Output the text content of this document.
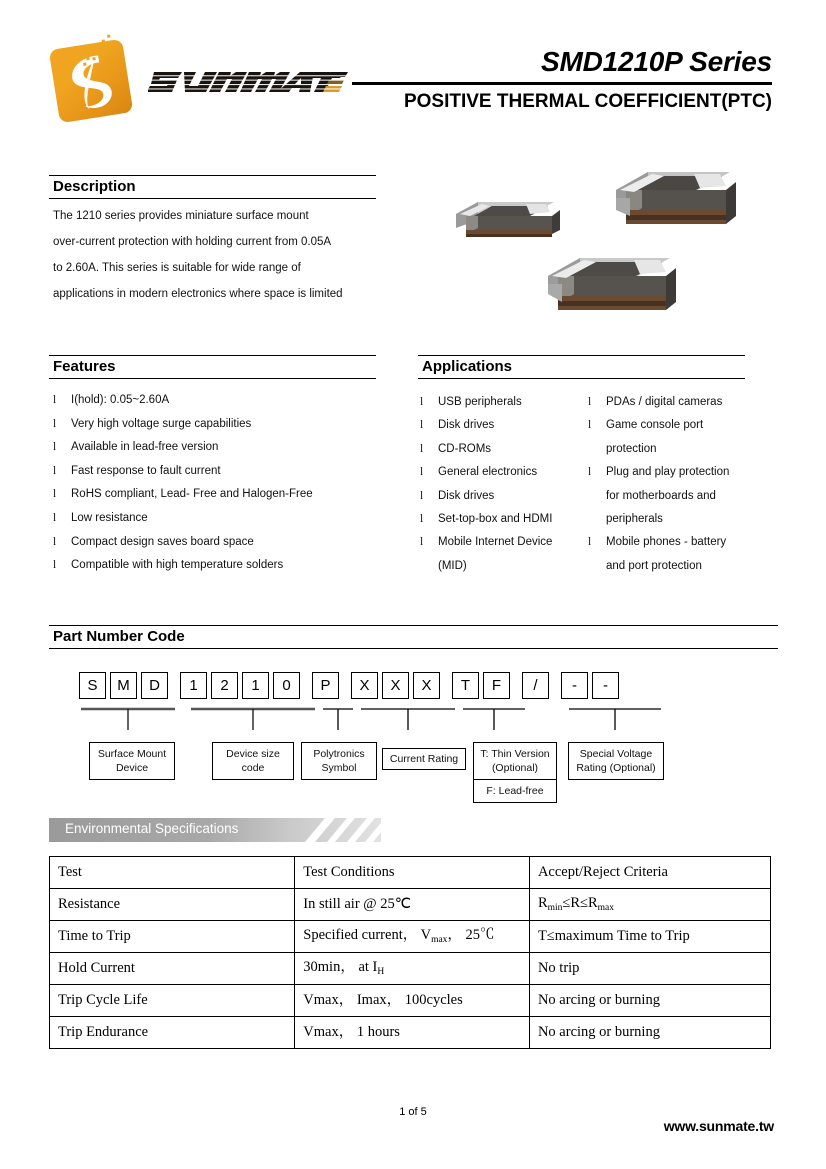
SMD1210P Series
POSITIVE THERMAL COEFFICIENT(PTC)
Description

The 1210 series provides miniature surface mount

over-current protection with holding current from 0.05A

to 2.60A. This series is suitable for wide range of

applications in modern electronics where space is limited

Features
l	I(hold): 0.05~2.60A
l	Very high voltage surge capabilities
l	Available in lead-free version
l	Fast response to fault current
l	RoHS compliant, Lead- Free and Halogen-Free
l	Low resistance
l	Compact design saves board space
l	Compatible with high temperature solders
Applications
l	USB peripherals
l	Disk drives
l	CD-ROMs
l	General electronics
l	Disk drives
l	Set-top-box and HDMI
l	Mobile Internet Device
(MID)
l	PDAs / digital cameras
l	Game console port
protection
l	Plug and play protection
for motherboards and
peripherals
l	Mobile phones - battery
and port protection
Part Number Code
S	M	D	1	2	1	0	P	X	X	X	T	F	/	-	-
Surface Mount
Device
Device size
code
Polytronics
Symbol
Current Rating	T: Thin Version
(Optional)
F: Lead-free
Special Voltage
Rating (Optional)
Environmental Specifications
Test	Test Conditions	Accept/Reject Criteria
Resistance	In still air @ 25℃	$R_{min}\le R\le R_{max}$
Time to Trip	Specified current， $V_{max}$， 25℃	T≤maximum Time to Trip
Hold Current	30min， at $I_H$	No trip
Trip Cycle Life	Vmax， Imax， 100cycles	No arcing or burning
Trip Endurance	Vmax， 1 hours	No arcing or burning
1 of 5
www.sunmate.tw
